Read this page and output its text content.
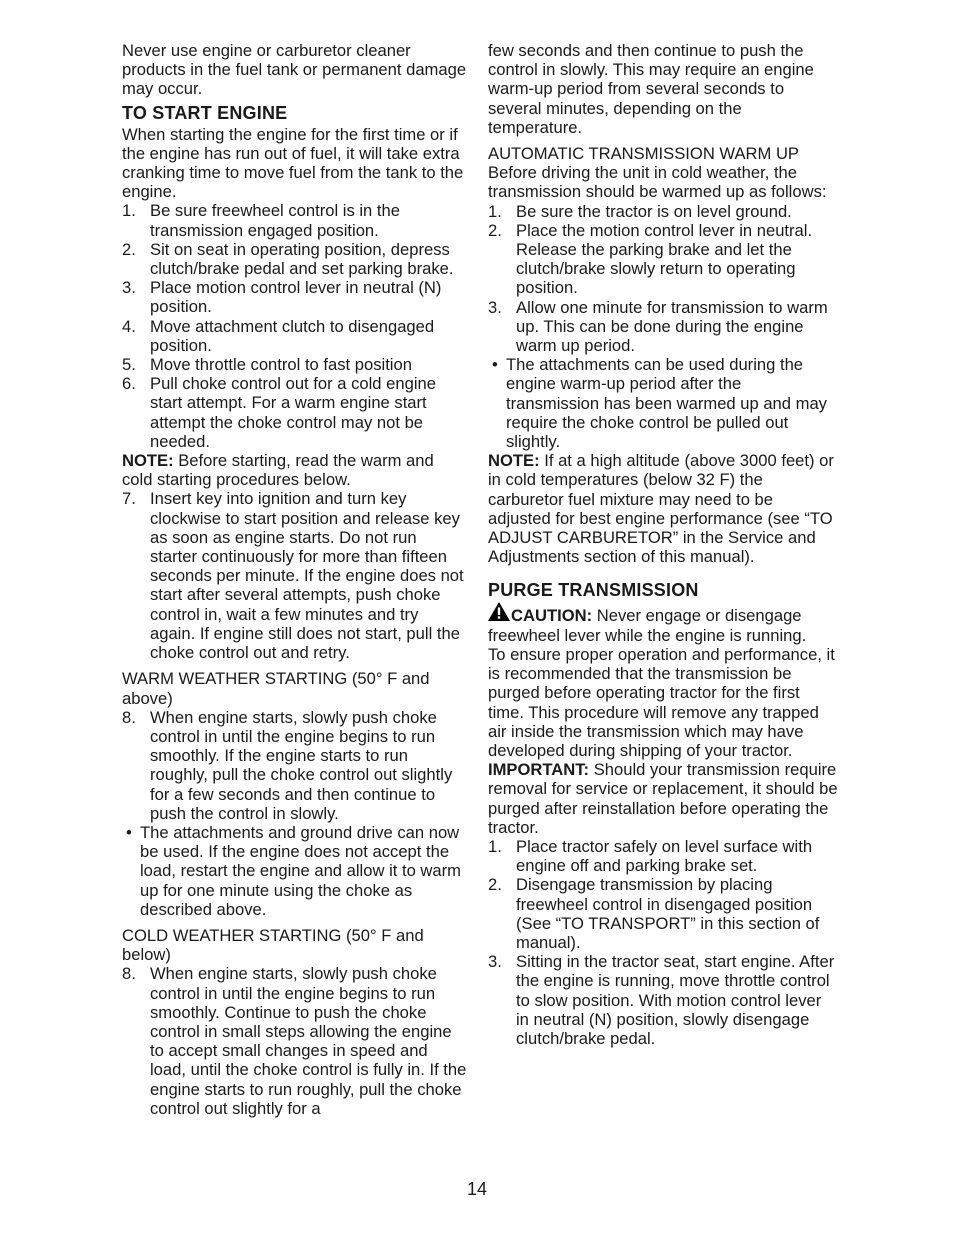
Never use engine or carburetor cleaner products in the fuel tank or permanent damage may occur.

TO START ENGINE

When starting the engine for the first time or if the engine has run out of fuel, it will take extra cranking time to move fuel from the tank to the engine.

1. Be sure freewheel control is in the transmission engaged position.
2. Sit on seat in operating position, depress clutch/brake pedal and set parking brake.
3. Place motion control lever in neutral (N) position.
4. Move attachment clutch to disengaged position.
5. Move throttle control to fast position
6. Pull choke control out for a cold engine start attempt. For a warm engine start attempt the choke control may not be needed.

NOTE: Before starting, read the warm and cold starting procedures below.

7. Insert key into ignition and turn key clockwise to start position and release key as soon as engine starts. Do not run starter continuously for more than fifteen seconds per minute. If the engine does not start after several attempts, push choke control in, wait a few minutes and try again. If engine still does not start, pull the choke control out and retry.

WARM WEATHER STARTING (50° F and above)

8. When engine starts, slowly push choke control in until the engine begins to run smoothly. If the engine starts to run roughly, pull the choke control out slightly for a few seconds and then continue to push the control in slowly.
• The attachments and ground drive can now be used. If the engine does not accept the load, restart the engine and allow it to warm up for one minute using the choke as described above.

COLD WEATHER STARTING (50° F and below)

8. When engine starts, slowly push choke control in until the engine begins to run smoothly. Continue to push the choke control in small steps allowing the engine to accept small changes in speed and load, until the choke control is fully in. If the engine starts to run roughly, pull the choke control out slightly for a

few seconds and then continue to push the control in slowly. This may require an engine warm-up period from several seconds to several minutes, depending on the temperature.

AUTOMATIC TRANSMISSION WARM UP

Before driving the unit in cold weather, the transmission should be warmed up as follows:

1. Be sure the tractor is on level ground.
2. Place the motion control lever in neutral. Release the parking brake and let the clutch/brake slowly return to operating position.
3. Allow one minute for transmission to warm up. This can be done during the engine warm up period.
• The attachments can be used during the engine warm-up period after the transmission has been warmed up and may require the choke control be pulled out slightly.

NOTE: If at a high altitude (above 3000 feet) or in cold temperatures (below 32 F) the carburetor fuel mixture may need to be adjusted for best engine performance (see “TO ADJUST CARBURETOR” in the Service and Adjustments section of this manual).

PURGE TRANSMISSION

CAUTION: Never engage or disengage freewheel lever while the engine is running.

To ensure proper operation and performance, it is recommended that the transmission be purged before operating tractor for the first time. This procedure will remove any trapped air inside the transmission which may have developed during shipping of your tractor.

IMPORTANT: Should your transmission require removal for service or replacement, it should be purged after reinstallation before operating the tractor.

1. Place tractor safely on level surface with engine off and parking brake set.
2. Disengage transmission by placing freewheel control in disengaged position (See “TO TRANSPORT” in this section of manual).
3. Sitting in the tractor seat, start engine. After the engine is running, move throttle control to slow position. With motion control lever in neutral (N) position, slowly disengage clutch/brake pedal.
14
